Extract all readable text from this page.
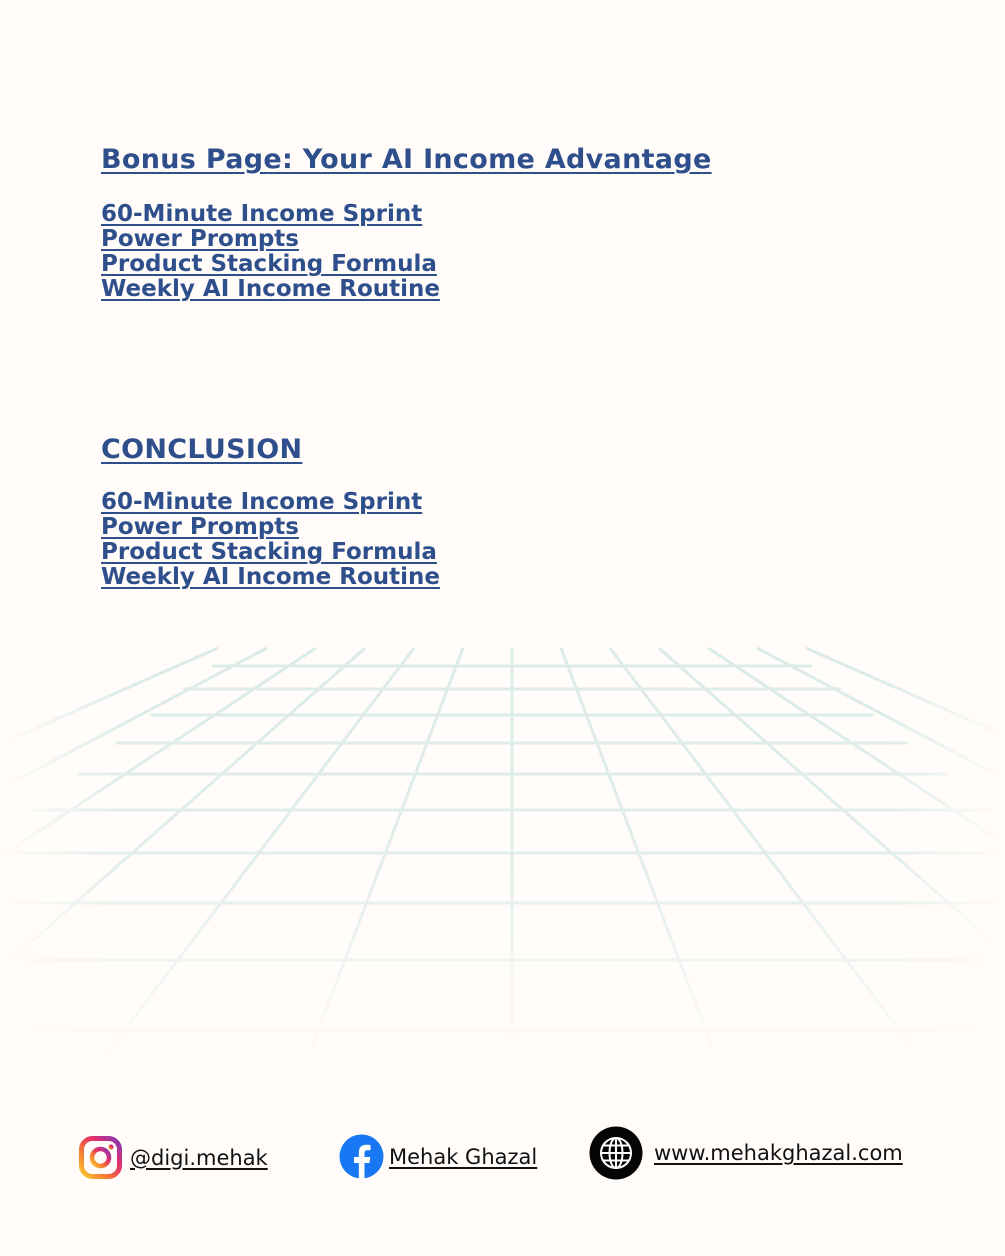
Bonus Page: Your AI Income Advantage
60-Minute Income Sprint
Power Prompts
Product Stacking Formula
Weekly AI Income Routine
CONCLUSION
60-Minute Income Sprint
Power Prompts
Product Stacking Formula
Weekly AI Income Routine
@digi.mehak	Mehak Ghazal	www.mehakghazal.com
